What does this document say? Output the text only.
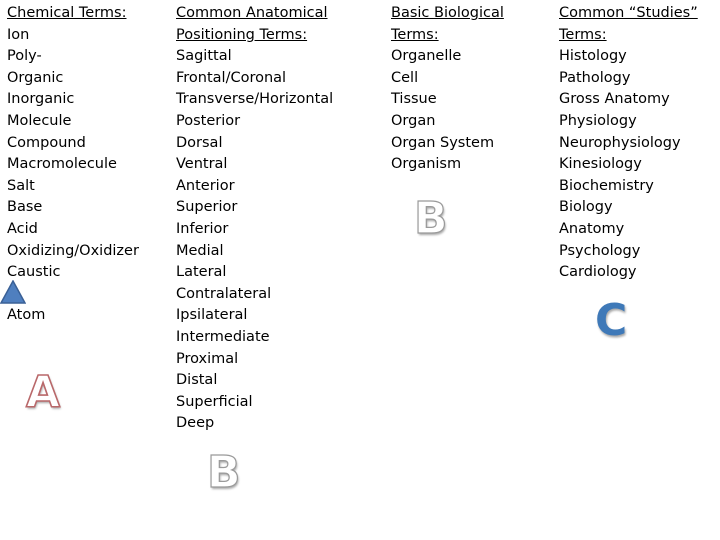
Chemical Terms:
Ion
Poly-
Organic
Inorganic
Molecule
Compound
Macromolecule
Salt
Base
Acid
Oxidizing/Oxidizer
Caustic
Atom
Common Anatomical
Positioning Terms:
Sagittal
Frontal/Coronal
Transverse/Horizontal
Posterior
Dorsal
Ventral
Anterior
Superior
Inferior
Medial
Lateral
Contralateral
Ipsilateral
Intermediate
Proximal
Distal
Superficial
Deep
Basic Biological
Terms:
Organelle
Cell
Tissue
Organ
Organ System
Organism
Common “Studies”
Terms:
Histology
Pathology
Gross Anatomy
Physiology
Neurophysiology
Kinesiology
Biochemistry
Biology
Anatomy
Psychology
Cardiology
A
B
B
C
